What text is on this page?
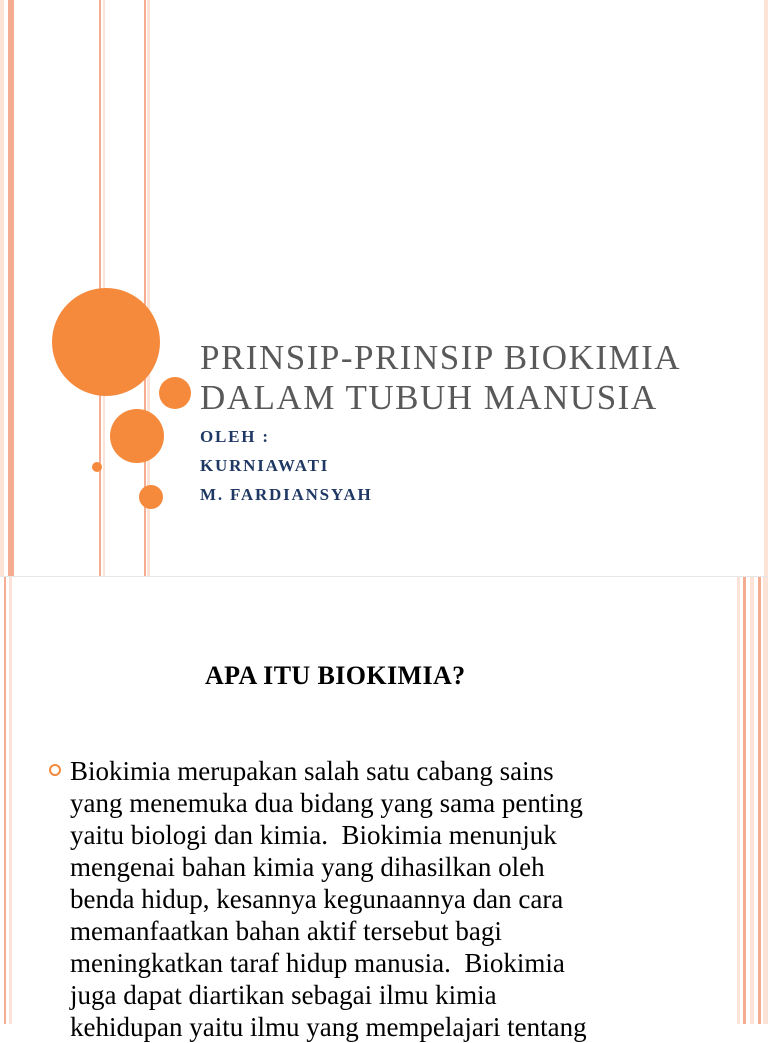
PRINSIP-PRINSIP BIOKIMIA
DALAM TUBUH MANUSIA
OLEH :
KURNIAWATI
M. FARDIANSYAH
APA ITU BIOKIMIA?
Biokimia merupakan salah satu cabang sains
yang menemuka dua bidang yang sama penting
yaitu biologi dan kimia.  Biokimia menunjuk
mengenai bahan kimia yang dihasilkan oleh
benda hidup, kesannya kegunaannya dan cara
memanfaatkan bahan aktif tersebut bagi
meningkatkan taraf hidup manusia.  Biokimia
juga dapat diartikan sebagai ilmu kimia
kehidupan yaitu ilmu yang mempelajari tentang
